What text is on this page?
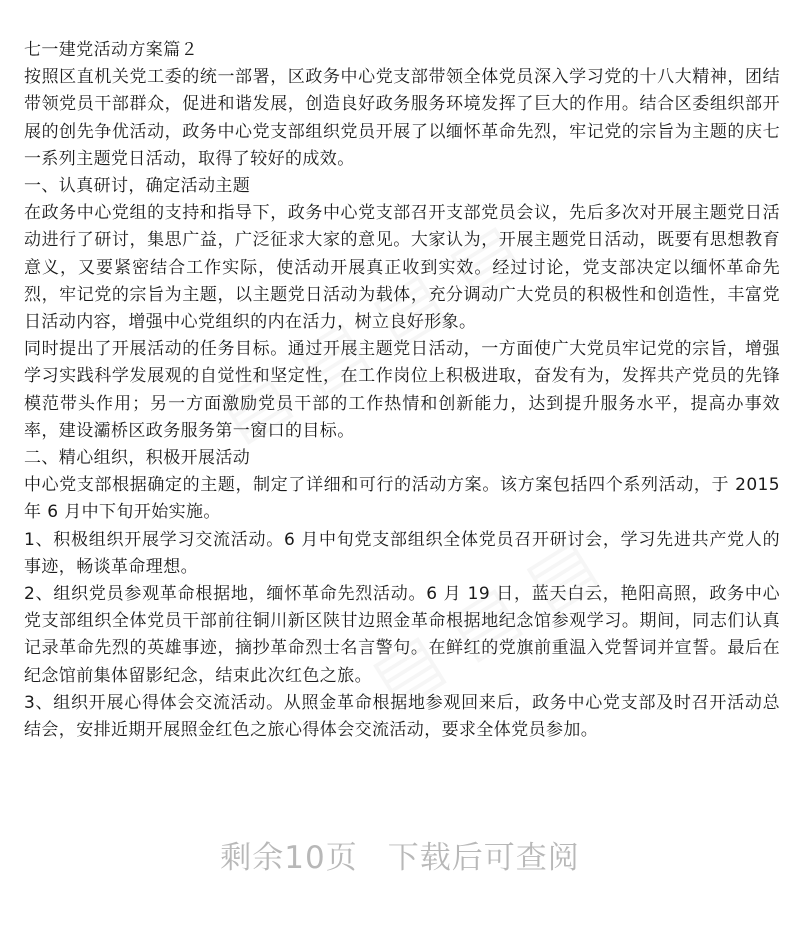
七一建党活动方案篇２

按照区直机关党工委的统一部署，区政务中心党支部带领全体党员深入学习党的十八大精神，团结带领党员干部群众，促进和谐发展，创造良好政务服务环境发挥了巨大的作用。结合区委组织部开展的创先争优活动，政务中心党支部组织党员开展了以缅怀革命先烈，牢记党的宗旨为主题的庆七一系列主题党日活动，取得了较好的成效。

一、认真研讨，确定活动主题

在政务中心党组的支持和指导下，政务中心党支部召开支部党员会议，先后多次对开展主题党日活动进行了研讨，集思广益，广泛征求大家的意见。大家认为，开展主题党日活动，既要有思想教育意义，又要紧密结合工作实际，使活动开展真正收到实效。经过讨论，党支部决定以缅怀革命先烈，牢记党的宗旨为主题，以主题党日活动为载体，充分调动广大党员的积极性和创造性，丰富党日活动内容，增强中心党组织的内在活力，树立良好形象。

同时提出了开展活动的任务目标。通过开展主题党日活动，一方面使广大党员牢记党的宗旨，增强学习实践科学发展观的自觉性和坚定性，在工作岗位上积极进取，奋发有为，发挥共产党员的先锋模范带头作用；另一方面激励党员干部的工作热情和创新能力，达到提升服务水平，提高办事效率，建设灞桥区政务服务第一窗口的目标。

二、精心组织，积极开展活动

中心党支部根据确定的主题，制定了详细和可行的活动方案。该方案包括四个系列活动，于 2015 年 6 月中下旬开始实施。

1、积极组织开展学习交流活动。6 月中旬党支部组织全体党员召开研讨会，学习先进共产党人的事迹，畅谈革命理想。

2、组织党员参观革命根据地，缅怀革命先烈活动。6 月 19 日，蓝天白云，艳阳高照，政务中心党支部组织全体党员干部前往铜川新区陕甘边照金革命根据地纪念馆参观学习。期间，同志们认真记录革命先烈的英雄事迹，摘抄革命烈士名言警句。在鲜红的党旗前重温入党誓词并宣誓。最后在纪念馆前集体留影纪念，结束此次红色之旅。

3、组织开展心得体会交流活动。从照金革命根据地参观回来后，政务中心党支部及时召开活动总结会，安排近期开展照金红色之旅心得体会交流活动，要求全体党员参加。

剩余10页 下载后可查阅
